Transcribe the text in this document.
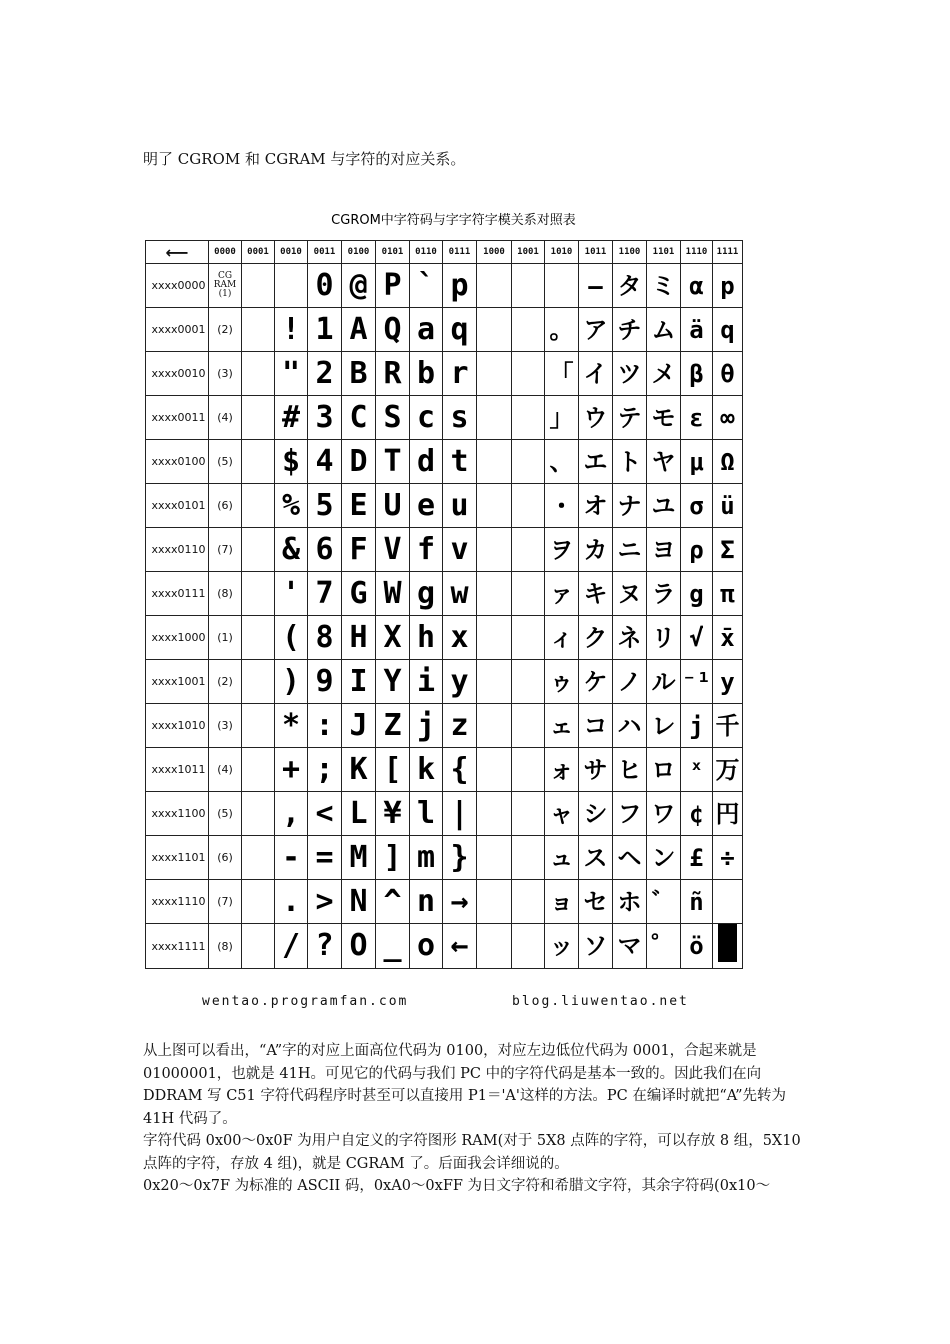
明了 CGROM 和 CGRAM 与字符的对应关系。
CGROM中字符码与字字符字模关系对照表
⟵	0000	0001	0010	0011	0100	0101	0110	0111	1000	1001	1010	1011	1100	1101	1110	1111
xxxx0000	CG RAM (1)			0	@	P	`	p				—	タ	ミ	α	p
xxxx0001	(2)		!	1	A	Q	a	q			。	ア	チ	ム	ä	q
xxxx0010	(3)		"	2	B	R	b	r			「	イ	ツ	メ	β	θ
xxxx0011	(4)		#	3	C	S	c	s			」	ウ	テ	モ	ε	∞
xxxx0100	(5)		$	4	D	T	d	t			、	エ	ト	ヤ	μ	Ω
xxxx0101	(6)		%	5	E	U	e	u			・	オ	ナ	ユ	σ	ü
xxxx0110	(7)		&	6	F	V	f	v			ヲ	カ	ニ	ヨ	ρ	Σ
xxxx0111	(8)		'	7	G	W	g	w			ァ	キ	ヌ	ラ	g	π
xxxx1000	(1)		(	8	H	X	h	x			ィ	ク	ネ	リ	√	x̄
xxxx1001	(2)		)	9	I	Y	i	y			ゥ	ケ	ノ	ル	⁻¹	y
xxxx1010	(3)		*	:	J	Z	j	z			ェ	コ	ハ	レ	j	千
xxxx1011	(4)		+	;	K	[	k	{			ォ	サ	ヒ	ロ	ˣ	万
xxxx1100	(5)		,	<	L	¥	l	|			ャ	シ	フ	ワ	¢	円
xxxx1101	(6)		-	=	M	]	m	}			ュ	ス	ヘ	ン	£	÷
xxxx1110	(7)		.	>	N	^	n	→			ョ	セ	ホ	゛	ñ	
xxxx1111	(8)		/	?	O	_	o	←			ッ	ソ	マ	゜	ö	
wentao.programfan.com	blog.liuwentao.net

从上图可以看出，“A”字的对应上面高位代码为 0100，对应左边低位代码为 0001，合起来就是 01000001，也就是 41H。可见它的代码与我们 PC 中的字符代码是基本一致的。因此我们在向 DDRAM 写 C51 字符代码程序时甚至可以直接用 P1＝'A'这样的方法。PC 在编译时就把“A”先转为 41H 代码了。

字符代码 0x00～0x0F 为用户自定义的字符图形 RAM(对于 5X8 点阵的字符，可以存放 8 组，5X10 点阵的字符，存放 4 组)，就是 CGRAM 了。后面我会详细说的。

0x20～0x7F 为标准的 ASCII 码，0xA0～0xFF 为日文字符和希腊文字符，其余字符码(0x10～
